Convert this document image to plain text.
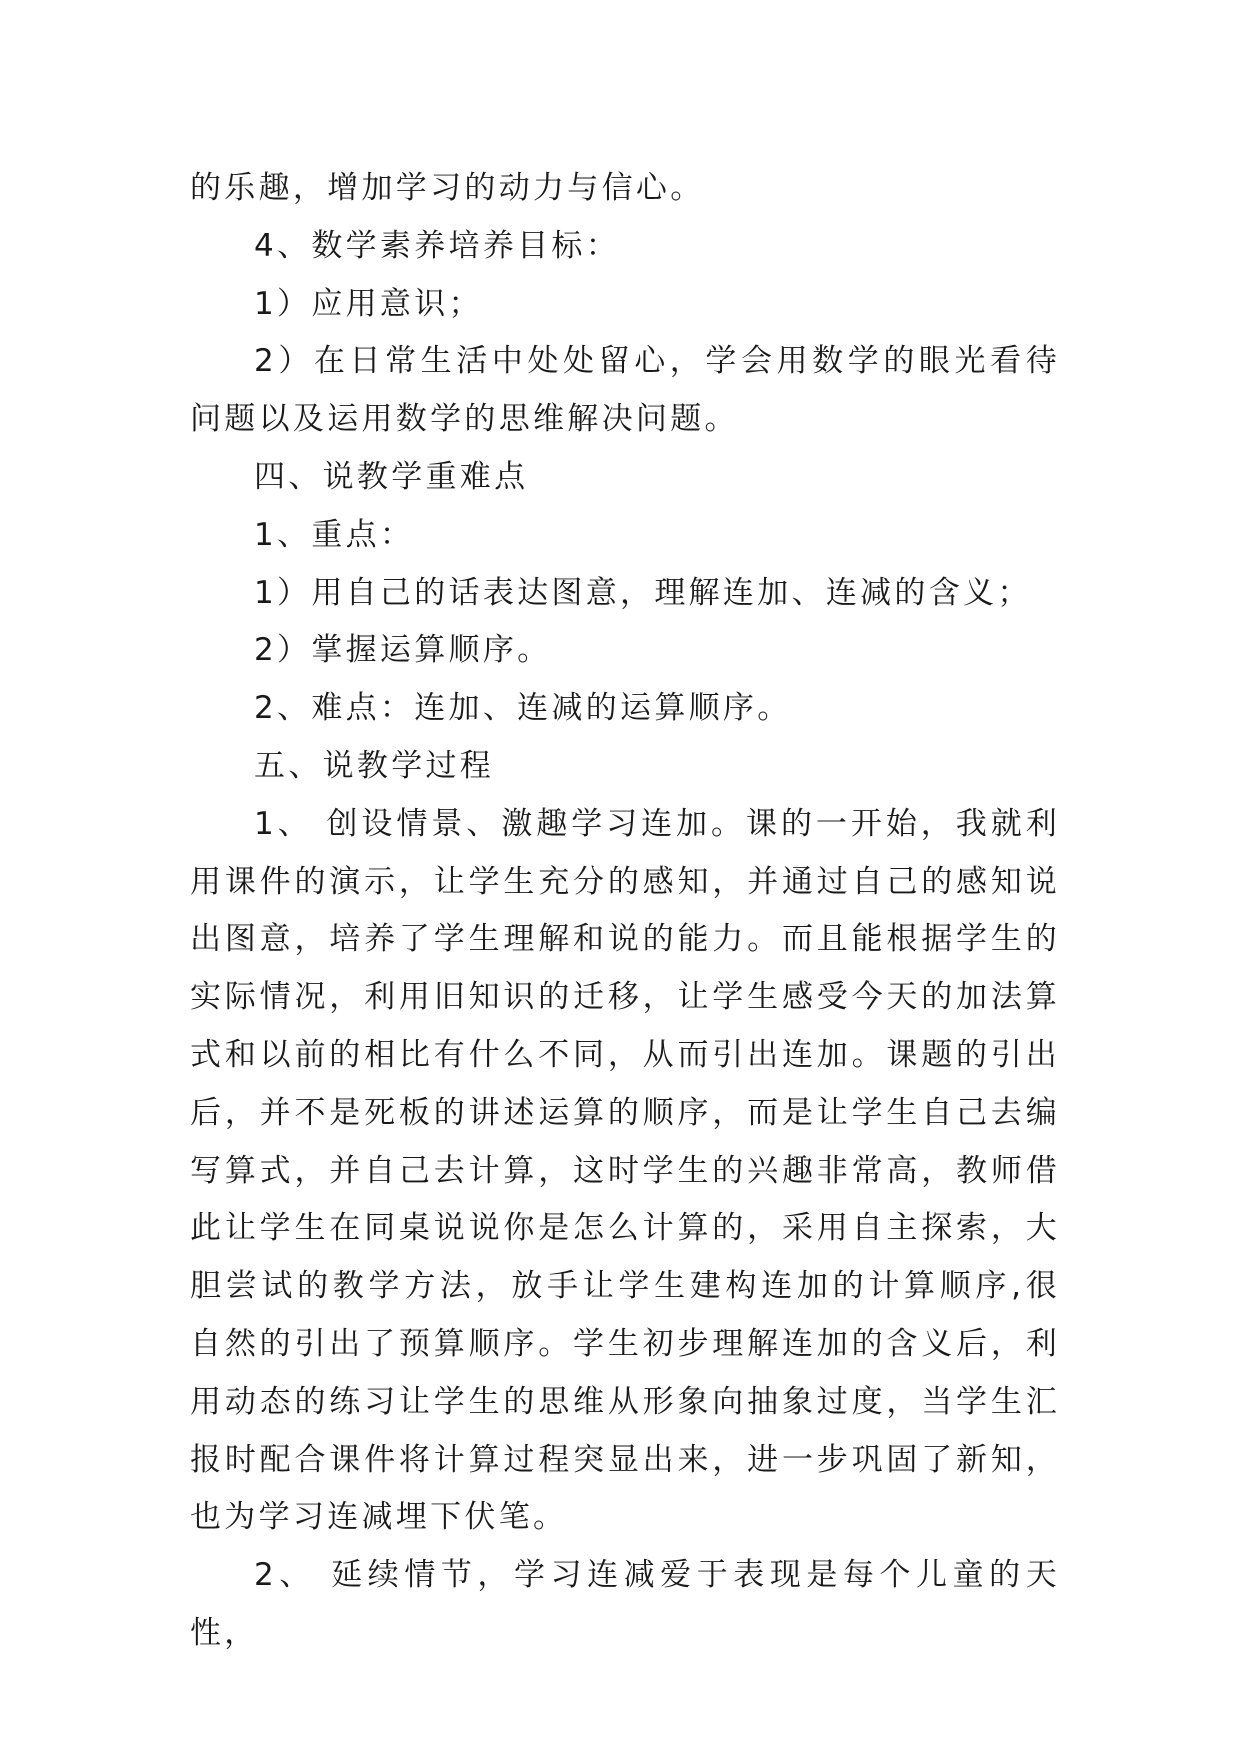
的乐趣，增加学习的动力与信心。

4、数学素养培养目标：

1）应用意识；

2）在日常生活中处处留心，学会用数学的眼光看待问题以及运用数学的思维解决问题。

四、说教学重难点

1、重点：

1）用自己的话表达图意，理解连加、连减的含义；

2）掌握运算顺序。

2、难点：连加、连减的运算顺序。

五、说教学过程

1、 创设情景、激趣学习连加。课的一开始，我就利用课件的演示，让学生充分的感知，并通过自己的感知说出图意，培养了学生理解和说的能力。而且能根据学生的实际情况，利用旧知识的迁移，让学生感受今天的加法算式和以前的相比有什么不同，从而引出连加。课题的引出后，并不是死板的讲述运算的顺序，而是让学生自己去编写算式，并自己去计算，这时学生的兴趣非常高，教师借此让学生在同桌说说你是怎么计算的，采用自主探索，大胆尝试的教学方法，放手让学生建构连加的计算顺序,很自然的引出了预算顺序。学生初步理解连加的含义后，利用动态的练习让学生的思维从形象向抽象过度，当学生汇报时配合课件将计算过程突显出来，进一步巩固了新知，也为学习连减埋下伏笔。

2、 延续情节，学习连减爱于表现是每个儿童的天性，
